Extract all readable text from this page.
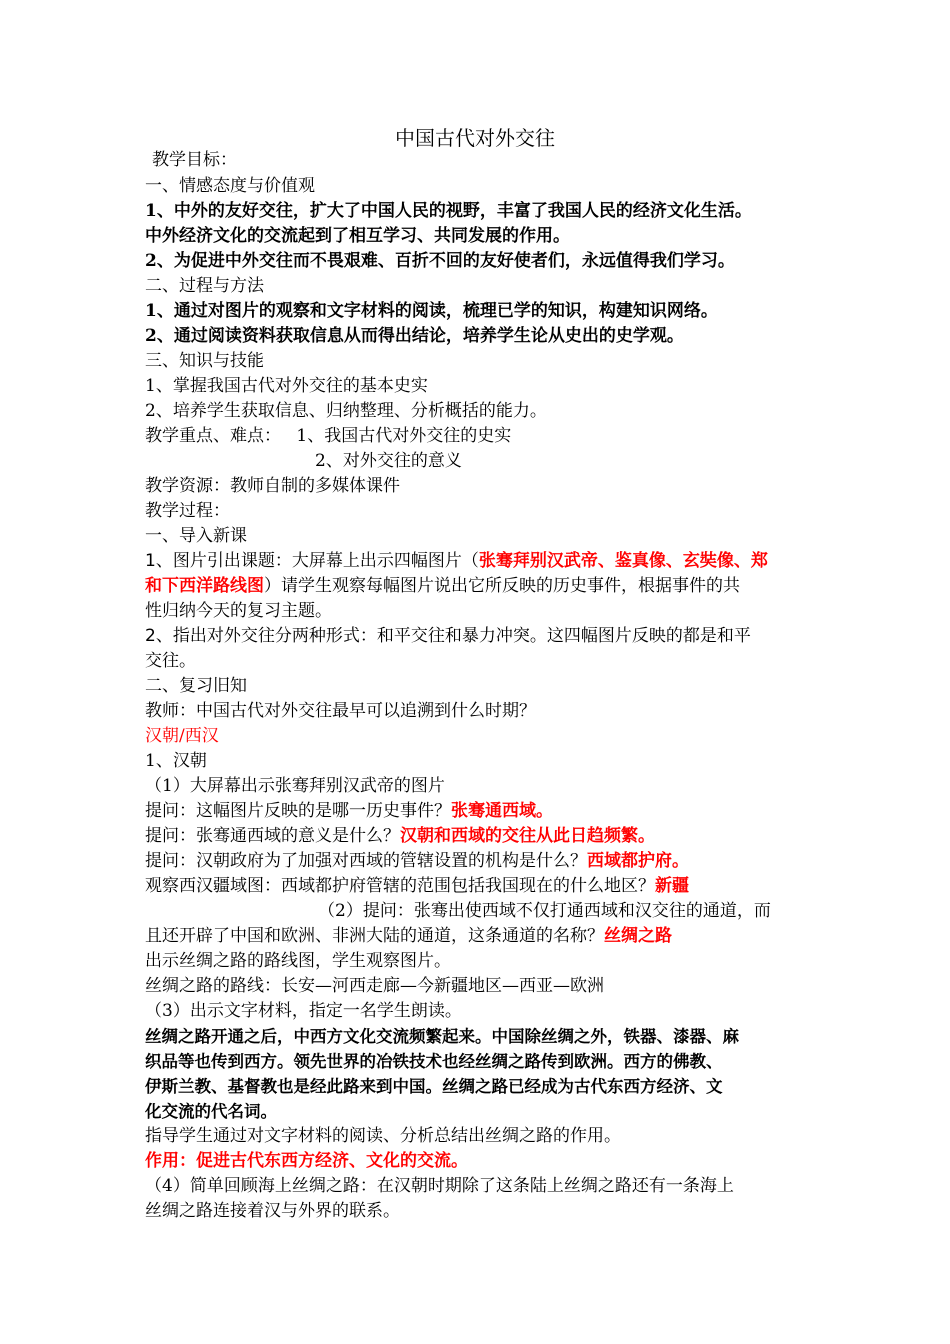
中国古代对外交往
教学目标：
一、情感态度与价值观
1、中外的友好交往，扩大了中国人民的视野，丰富了我国人民的经济文化生活。
中外经济文化的交流起到了相互学习、共同发展的作用。
2、为促进中外交往而不畏艰难、百折不回的友好使者们，永远值得我们学习。
二、过程与方法
1、通过对图片的观察和文字材料的阅读，梳理已学的知识，构建知识网络。
2、通过阅读资料获取信息从而得出结论，培养学生论从史出的史学观。
三、知识与技能
1、掌握我国古代对外交往的基本史实
2、培养学生获取信息、归纳整理、分析概括的能力。
教学重点、难点： 1、我国古代对外交往的史实
2、对外交往的意义
教学资源：教师自制的多媒体课件
教学过程：
一、导入新课
1、图片引出课题：大屏幕上出示四幅图片（张骞拜别汉武帝、鉴真像、玄奘像、郑
和下西洋路线图）请学生观察每幅图片说出它所反映的历史事件，根据事件的共
性归纳今天的复习主题。
2、指出对外交往分两种形式：和平交往和暴力冲突。这四幅图片反映的都是和平
交往。
二、复习旧知
教师：中国古代对外交往最早可以追溯到什么时期？
汉朝/西汉
1、汉朝
（1）大屏幕出示张骞拜别汉武帝的图片
提问：这幅图片反映的是哪一历史事件？张骞通西域。
提问：张骞通西域的意义是什么？汉朝和西域的交往从此日趋频繁。
提问：汉朝政府为了加强对西域的管辖设置的机构是什么？西域都护府。
观察西汉疆域图：西域都护府管辖的范围包括我国现在的什么地区？新疆
（2）提问：张骞出使西域不仅打通西域和汉交往的通道，而
且还开辟了中国和欧洲、非洲大陆的通道，这条通道的名称？丝绸之路
出示丝绸之路的路线图，学生观察图片。
丝绸之路的路线：长安—河西走廊—今新疆地区—西亚—欧洲
（3）出示文字材料，指定一名学生朗读。
丝绸之路开通之后，中西方文化交流频繁起来。中国除丝绸之外，铁器、漆器、麻
织品等也传到西方。领先世界的冶铁技术也经丝绸之路传到欧洲。西方的佛教、
伊斯兰教、基督教也是经此路来到中国。丝绸之路已经成为古代东西方经济、文
化交流的代名词。
指导学生通过对文字材料的阅读、分析总结出丝绸之路的作用。
作用：促进古代东西方经济、文化的交流。
（4）简单回顾海上丝绸之路：在汉朝时期除了这条陆上丝绸之路还有一条海上
丝绸之路连接着汉与外界的联系。
